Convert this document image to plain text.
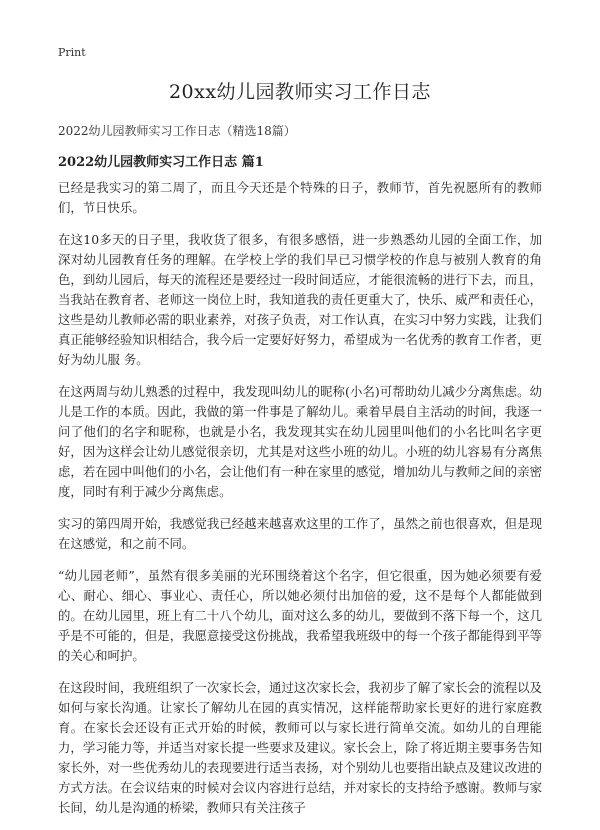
Print
20xx幼儿园教师实习工作日志
2022幼儿园教师实习工作日志（精选18篇）
2022幼儿园教师实习工作日志 篇1

已经是我实习的第二周了，而且今天还是个特殊的日子，教师节，首先祝愿所有的教师们，节日快乐。

在这10多天的日子里，我收货了很多，有很多感悟，进一步熟悉幼儿园的全面工作，加深对幼儿园教育任务的理解。在学校上学的我们早已习惯学校的作息与被别人教育的角色，到幼儿园后，每天的流程还是要经过一段时间适应，才能很流畅的进行下去，而且，当我站在教育者、老师这一岗位上时，我知道我的责任更重大了，快乐、威严和责任心，这些是幼儿教师必需的职业素养，对孩子负责，对工作认真，在实习中努力实践，让我们真正能够经验知识相结合，我今后一定要好好努力，希望成为一名优秀的教育工作者，更好为幼儿服 务。

在这两周与幼儿熟悉的过程中，我发现叫幼儿的昵称(小名)可帮助幼儿减少分离焦虑。幼儿是工作的本质。因此，我做的第一件事是了解幼儿。乘着早晨自主活动的时间，我逐一问了他们的名字和昵称，也就是小名，我发现其实在幼儿园里叫他们的小名比叫名字更好，因为这样会让幼儿感觉很亲切，尤其是对这些小班的幼儿。小班的幼儿容易有分离焦虑，若在园中叫他们的小名，会让他们有一种在家里的感觉，增加幼儿与教师之间的亲密度，同时有利于减少分离焦虑。

实习的第四周开始，我感觉我已经越来越喜欢这里的工作了，虽然之前也很喜欢，但是现在这感觉，和之前不同。

“幼儿园老师”，虽然有很多美丽的光环围绕着这个名字，但它很重，因为她必须要有爱心、耐心、细心、事业心、责任心，所以她必须付出加倍的爱，这不是每个人都能做到的。在幼儿园里，班上有二十八个幼儿，面对这么多的幼儿，要做到不落下每一个，这几乎是不可能的，但是，我愿意接受这份挑战，我希望我班级中的每一个孩子都能得到平等的关心和呵护。

在这段时间，我班组织了一次家长会，通过这次家长会，我初步了解了家长会的流程以及如何与家长沟通。让家长了解幼儿在园的真实情况，这样能帮助家长更好的进行家庭教育。在家长会还设有正式开始的时候，教师可以与家长进行简单交流。如幼儿的自理能力，学习能力等，并适当对家长提一些要求及建议。家长会上，除了将近期主要事务告知家长外，对一些优秀幼儿的表现要进行适当表扬，对个别幼儿也要指出缺点及建议改进的方式方法。在会议结束的时候对会议内容进行总结，并对家长的支持给予感谢。教师与家长间，幼儿是沟通的桥梁，教师只有关注孩子
